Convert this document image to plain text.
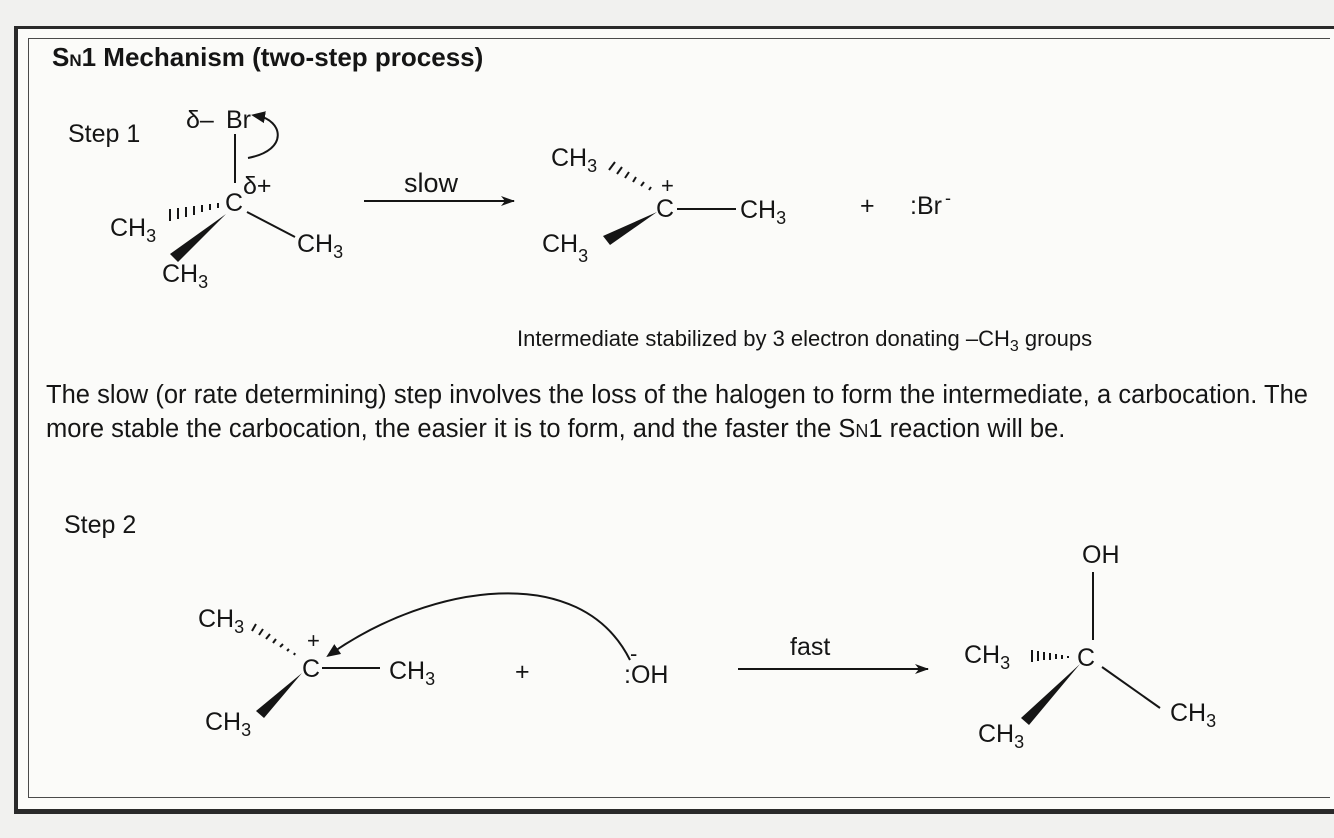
SN1 Mechanism (two-step process)
Step 1 δ– Br
C
δ+
$CH_3$
$CH_3$
$CH_3$
slow
$CH_3$
+
C	$CH_3$
$CH_3$
+ :Br -
Intermediate stabilized by 3 electron donating $-CH_3$ groups
Step 2
$CH_3$
+
C	$CH_3$
$CH_3$
+
-
:OH
fast
OH
$CH_3$	C
$CH_3$
$CH_3$
The slow (or rate determining) step involves the loss of the halogen to form the intermediate, a carbocation. The more stable the carbocation, the easier it is to form, and the faster the SN1 reaction will be.
